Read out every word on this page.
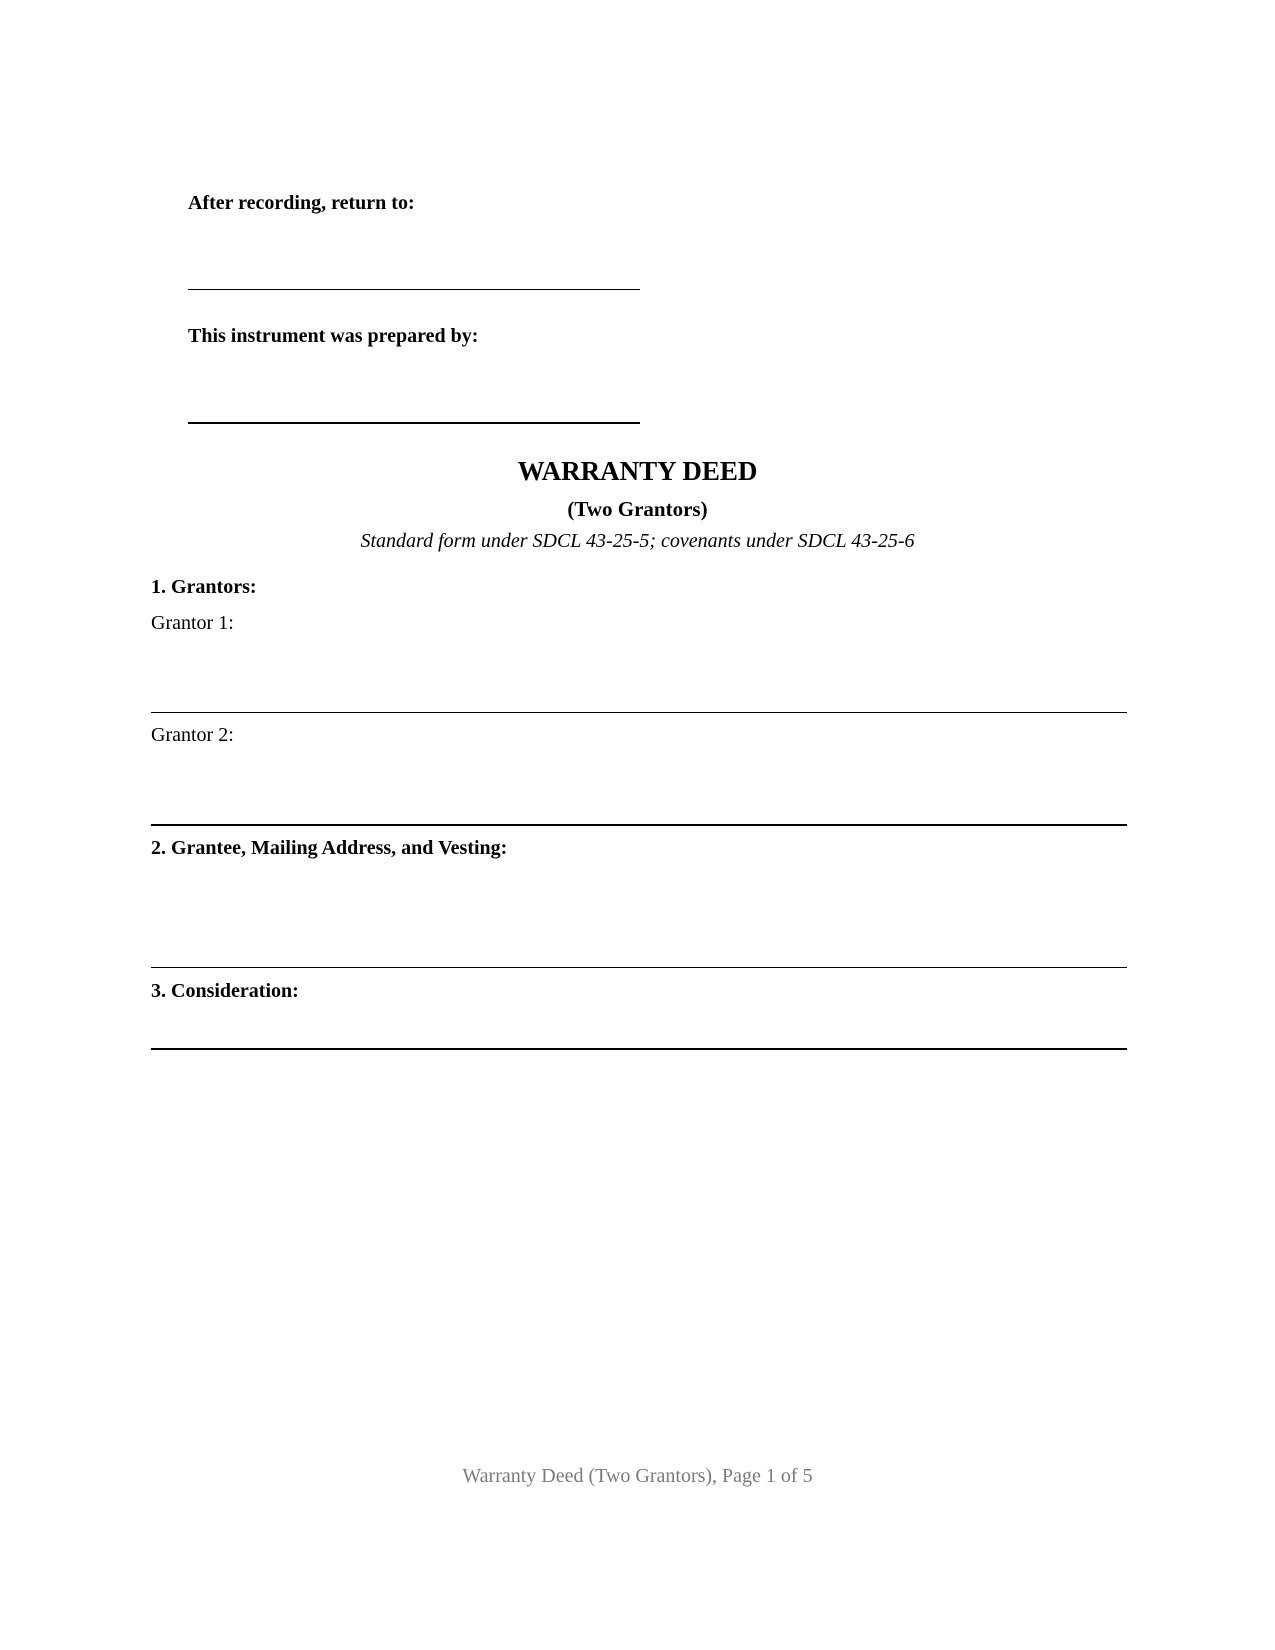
After recording, return to:
This instrument was prepared by:
WARRANTY DEED
(Two Grantors)
Standard form under SDCL 43-25-5; covenants under SDCL 43-25-6
1. Grantors:
Grantor 1:
Grantor 2:
2. Grantee, Mailing Address, and Vesting:
3. Consideration:
Warranty Deed (Two Grantors), Page 1 of 5
